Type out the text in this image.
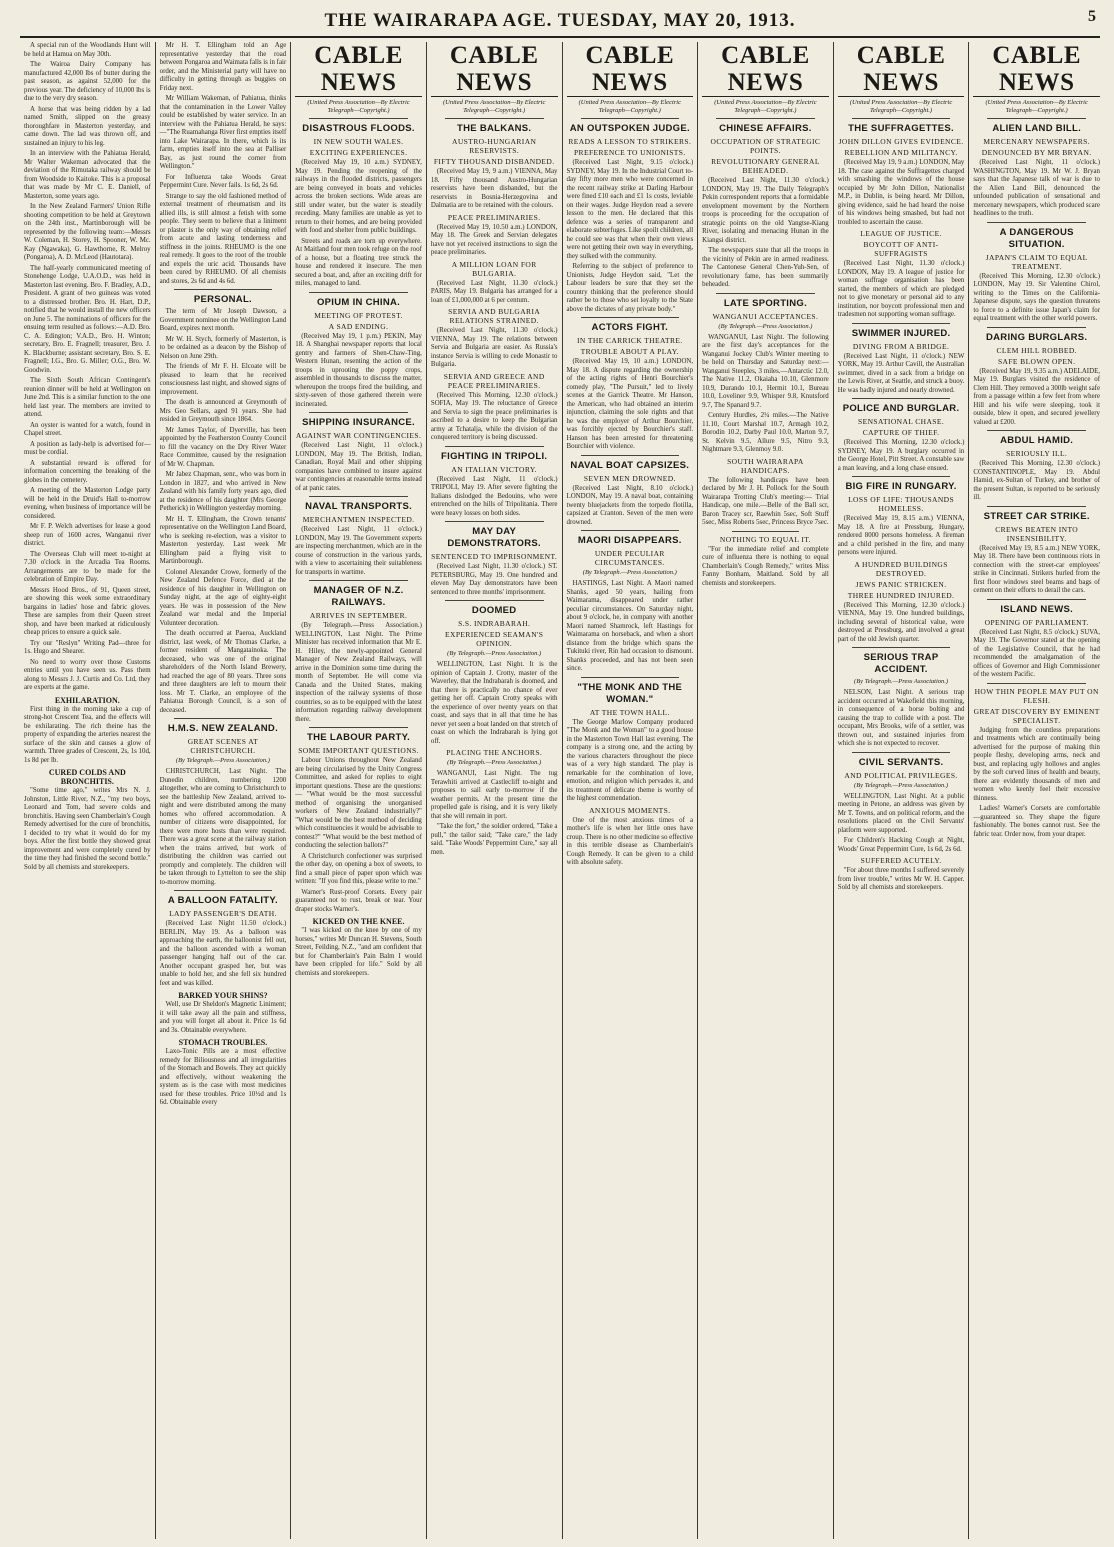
THE WAIRARAPA AGE. TUESDAY, MAY 20, 1913.	5

A special run of the Woodlands Hunt will be held at Hamua on May 30th.

The Wairoa Dairy Company has manufactured 42,000 lbs of butter during the past season, as against 52,000 for the previous year. The deficiency of 10,000 lbs is due to the very dry season.

A horse that was being ridden by a lad named Smith, slipped on the greasy thoroughfare in Masterton yesterday, and came down. The lad was thrown off, and sustained an injury to his leg.

In an interview with the Pahiatua Herald, Mr Walter Wakeman advocated that the deviation of the Rimutaka railway should be from Woodside to Kaitoke. This is a proposal that was made by Mr C. E. Daniell, of Masterton, some years ago.

In the New Zealand Farmers' Union Rifle shooting competition to be held at Greytown on the 24th inst., Martinborough will be represented by the following team:—Messrs W. Coleman, H. Storey, H. Spooner, W. Mc. Kay (Ngawaka), G. Hawthorne, R. Melroy (Pongaroa), A. D. McLeod (Hautotara).

The half-yearly communicated meeting of Stonehenge Lodge, U.A.O.D., was held in Masterton last evening. Bro. F. Bradley, A.D., President. A grant of two guineas was voted to a distressed brother. Bro. H. Hart, D.P., notified that he would install the new officers on June 5. The nominations of officers for the ensuing term resulted as follows:—A.D. Bro. C. A. Edington; V.A.D., Bro. H. Winton; secretary, Bro. E. Fragnell; treasurer, Bro. J. K. Blackburne; assistant secretary, Bro. S. E. Fragnell; I.G., Bro. G. Miller; O.G., Bro. W. Goodwin.

The Sixth South African Contingent's reunion dinner will be held at Wellington on June 2nd. This is a similar function to the one held last year. The members are invited to attend.

An oyster is wanted for a watch, found in Chapel street.

A position as lady-help is advertised for—must be cordial.

A substantial reward is offered for information concerning the breaking of the globes in the cemetery.

A meeting of the Masterton Lodge party will be held in the Druid's Hall to-morrow evening, when business of importance will be considered.

Mr F. P. Welch advertises for lease a good sheep run of 1600 acres, Wanganui river district.

The Overseas Club will meet to-night at 7.30 o'clock in the Arcadia Tea Rooms. Arrangements are to be made for the celebration of Empire Day.

Messrs Hood Bros., of 91, Queen street, are showing this week some extraordinary bargains in ladies' hose and fabric gloves. These are samples from their Queen street shop, and have been marked at ridiculously cheap prices to ensure a quick sale.

Try our "Reslyn" Writing Pad—three for 1s. Hugo and Shearer.

No need to worry over those Customs entries until you have seen us. Pass them along to Messrs J. J. Curtis and Co. Ltd, they are experts at the game.

EXHILARATION.

First thing in the morning take a cup of strong-hot Crescent Tea, and the effects will be exhilarating. The rich theine has the property of expanding the arteries nearest the surface of the skin and causes a glow of warmth. Three grades of Crescent, 2s, 1s 10d, 1s 8d per lb.

CURED COLDS AND BRONCHITIS.

"Some time ago," writes Mrs N. J. Johnston, Little River, N.Z., "my two boys, Leonard and Tom, had severe colds and bronchitis. Having seen Chamberlain's Cough Remedy advertised for the cure of bronchitis, I decided to try what it would do for my boys. After the first bottle they showed great improvement and were completely cured by the time they had finished the second bottle." Sold by all chemists and storekeepers.

Mr H. T. Ellingham told an Age representative yesterday that the road between Pongaroa and Waimata falls is in fair order, and the Ministerial party will have no difficulty in getting through as buggies on Friday next.

Mr William Wakeman, of Pahiatua, thinks that the contamination in the Lower Valley could be established by water service. In an interview with the Pahiatua Herald, he says:—"The Ruamahanga River first empties itself into Lake Wairarapa. In there, which is its farm, empties itself into the sea at Palliser Bay, as just round the corner from Wellington."

For Influenza take Woods Great Peppermint Cure. Never fails. 1s 6d, 2s 6d.

Strange to say the old fashioned method of external treatment of rheumatism and its allied ills, is still almost a fetish with some people. They seem to believe that a liniment or plaster is the only way of obtaining relief from acute and lasting tenderness and stiffness in the joints. RHEUMO is the one real remedy. It goes to the root of the trouble and expels the uric acid. Thousands have been cured by RHEUMO. Of all chemists and stores, 2s 6d and 4s 6d.

PERSONAL.

The term of Mr Joseph Dawson, a Government nominee on the Wellington Land Board, expires next month.

Mr W. H. Stych, formerly of Masterton, is to be ordained as a deacon by the Bishop of Nelson on June 29th.

The friends of Mr F. H. Elcoate will be pleased to learn that he received consciousness last night, and showed signs of improvement.

The death is announced at Greymouth of Mrs Geo Sellars, aged 91 years. She had resided in Greymouth since 1864.

Mr James Taylor, of Dyerville, has been appointed by the Featherston County Council to fill the vacancy on the Dry River Water Race Committee, caused by the resignation of Mr W. Chapman.

Mr Jabez Chapman, senr., who was born in London in 1827, and who arrived in New Zealand with his family forty years ago, died at the residence of his daughter (Mrs George Petherick) in Wellington yesterday morning.

Mr H. T. Ellingham, the Crown tenants' representative on the Wellington Land Board, who is seeking re-election, was a visitor to Masterton yesterday. Last week Mr Ellingham paid a flying visit to Martinborough.

Colonel Alexander Crowe, formerly of the New Zealand Defence Force, died at the residence of his daughter in Wellington on Sunday night, at the age of eighty-eight years. He was in possession of the New Zealand war medal and the Imperial Volunteer decoration.

The death occurred at Paeroa, Auckland district, last week, of Mr Thomas Clarke, a former resident of Mangatainoka. The deceased, who was one of the original shareholders of the North Island Brewery, had reached the age of 80 years. Three sons and three daughters are left to mourn their loss. Mr T. Clarke, an employee of the Pahiatua Borough Council, is a son of deceased.

H.M.S. NEW ZEALAND.
GREAT SCENES AT CHRISTCHURCH.
(By Telegraph.—Press Association.)

CHRISTCHURCH, Last Night. The Dunedin children, numbering 1200 altogether, who are coming to Christchurch to see the battleship New Zealand, arrived to-night and were distributed among the many homes who offered accommodation. A number of citizens were disappointed, for there were more hosts than were required. There was a great scene at the railway station when the trains arrived, but work of distributing the children was carried out promptly and completely. The children will be taken through to Lyttelton to see the ship to-morrow morning.

A BALLOON FATALITY.
LADY PASSENGER'S DEATH.

(Received Last Night 11.50 o'clock.) BERLIN, May 19. As a balloon was approaching the earth, the balloonist fell out, and the balloon ascended with a woman passenger hanging half out of the car. Another occupant grasped her, but was unable to hold her, and she fell six hundred feet and was killed.

BARKED YOUR SHINS?

Well, use Dr Sheldon's Magnetic Liniment; it will take away all the pain and stiffness, and you will forget all about it. Price 1s 6d and 3s. Obtainable everywhere.

STOMACH TROUBLES.

Laxo-Tonic Pills are a most effective remedy for Biliousness and all irregularities of the Stomach and Bowels. They act quickly and effectively, without weakening the system as is the case with most medicines used for these troubles. Price 10½d and 1s 6d. Obtainable every

CABLE NEWS
(United Press Association—By Electric Telegraph—Copyright.)
DISASTROUS FLOODS.
IN NEW SOUTH WALES.
EXCITING EXPERIENCES.

(Received May 19, 10 a.m.) SYDNEY, May 19. Pending the reopening of the railways in the flooded districts, passengers are being conveyed in boats and vehicles across the broken sections. Wide areas are still under water, but the water is steadily receding. Many families are unable as yet to return to their homes, and are being provided with food and shelter from public buildings.

Streets and roads are torn up everywhere. At Maitland four men took refuge on the roof of a house, but a floating tree struck the house and rendered it insecure. The men secured a boat, and, after an exciting drift for miles, managed to land.

OPIUM IN CHINA.
MEETING OF PROTEST.
A SAD ENDING.

(Received May 19, 1 p.m.) PEKIN, May 18. A Shanghai newspaper reports that local gentry and farmers of Shen-Chaw-Ting, Western Hunan, resenting the action of the troops in uprooting the poppy crops, assembled in thousands to discuss the matter, whereupon the troops fired the building, and sixty-seven of those gathered therein were incinerated.

SHIPPING INSURANCE.
AGAINST WAR CONTINGENCIES.

(Received Last Night, 11 o'clock.) LONDON, May 19. The British, Indian, Canadian, Royal Mail and other shipping companies have combined to insure against war contingencies at reasonable terms instead of at panic rates.

NAVAL TRANSPORTS.
MERCHANTMEN INSPECTED.

(Received Last Night, 11 o'clock.) LONDON, May 19. The Government experts are inspecting merchantmen, which are in the course of construction in the various yards, with a view to ascertaining their suitableness for transports in wartime.

MANAGER OF N.Z. RAILWAYS.
ARRIVES IN SEPTEMBER.

(By Telegraph.—Press Association.) WELLINGTON, Last Night. The Prime Minister has received information that Mr E. H. Hiley, the newly-appointed General Manager of New Zealand Railways, will arrive in the Dominion some time during the month of September. He will come via Canada and the United States, making inspection of the railway systems of those countries, so as to be equipped with the latest information regarding railway development there.

THE LABOUR PARTY.
SOME IMPORTANT QUESTIONS.

Labour Unions throughout New Zealand are being circularised by the Unity Congress Committee, and asked for replies to eight important questions. These are the questions:— "What would be the most successful method of organising the unorganised workers of New Zealand industrially?" "What would be the best method of deciding which constituencies it would be advisable to contest?" "What would be the best method of conducting the selection ballots?"

A Christchurch confectioner was surprised the other day, on opening a box of sweets, to find a small piece of paper upon which was written: "If you find this, please write to me."

Warner's Rust-proof Corsets. Every pair guaranteed not to rust, break or tear. Your draper stocks Warner's.

KICKED ON THE KNEE.

"I was kicked on the knee by one of my horses," writes Mr Duncan H. Stevens, South Street, Feilding, N.Z., "and am confident that but for Chamberlain's Pain Balm I would have been crippled for life." Sold by all chemists and storekeepers.

CABLE NEWS
(United Press Association—By Electric Telegraph—Copyright.)
THE BALKANS.
AUSTRO-HUNGARIAN RESERVISTS.
FIFTY THOUSAND DISBANDED.

(Received May 19, 9 a.m.) VIENNA, May 18. Fifty thousand Austro-Hungarian reservists have been disbanded, but the reservists in Bosnia-Herzegovina and Dalmatia are to be retained with the colours.

PEACE PRELIMINARIES.

(Received May 19, 10.50 a.m.) LONDON, May 18. The Greek and Servian delegates have not yet received instructions to sign the peace preliminaries.

A MILLION LOAN FOR BULGARIA.

(Received Last Night, 11.30 o'clock.) PARIS, May 19. Bulgaria has arranged for a loan of £1,000,000 at 6 per centum.

SERVIA AND BULGARIA RELATIONS STRAINED.

(Received Last Night, 11.30 o'clock.) VIENNA, May 19. The relations between Servia and Bulgaria are easier. As Russia's instance Servia is willing to cede Monastir to Bulgaria.

SERVIA AND GREECE AND PEACE PRELIMINARIES.

(Received This Morning, 12.30 o'clock.) SOFIA, May 19. The reluctance of Greece and Servia to sign the peace preliminaries is ascribed to a desire to keep the Bulgarian army at Tchatalja, while the division of the conquered territory is being discussed.

FIGHTING IN TRIPOLI.
AN ITALIAN VICTORY.

(Received Last Night, 11 o'clock.) TRIPOLI, May 19. After severe fighting the Italians dislodged the Bedouins, who were entrenched on the hills of Tripolitania. There were heavy losses on both sides.

MAY DAY DEMONSTRATORS.
SENTENCED TO IMPRISONMENT.

(Received Last Night, 11.30 o'clock.) ST. PETERSBURG, May 19. One hundred and eleven May Day demonstrators have been sentenced to three months' imprisonment.

DOOMED
S.S. INDRABARAH.
EXPERIENCED SEAMAN'S OPINION.
(By Telegraph.—Press Association.)

WELLINGTON, Last Night. It is the opinion of Captain J. Crotty, master of the Waverley, that the Indrabarah is doomed, and that there is practically no chance of ever getting her off. Captain Crotty speaks with the experience of over twenty years on that coast, and says that in all that time he has never yet seen a boat landed on that stretch of coast on which the Indrabarah is lying got off.

PLACING THE ANCHORS.
(By Telegraph.—Press Association.)

WANGANUI, Last Night. The tug Terawhiti arrived at Castlecliff to-night and proposes to sail early to-morrow if the weather permits. At the present time the propelled gale is rising, and it is very likely that she will remain in port.

"Take the fort," the soldier ordered, "Take a pull," the tailor said; "Take care," the lady said. "Take Woods' Peppermint Cure," say all men.

CABLE NEWS
(United Press Association—By Electric Telegraph—Copyright.)
AN OUTSPOKEN JUDGE.
READS A LESSON TO STRIKERS.
PREFERENCE TO UNIONISTS.

(Received Last Night, 9.15 o'clock.) SYDNEY, May 19. In the Industrial Court to-day fifty more men who were concerned in the recent railway strike at Darling Harbour were fined £10 each and £1 1s costs, leviable on their wages. Judge Heydon read a severe lesson to the men. He declared that this defence was a series of transparent and elaborate subterfuges. Like spoilt children, all he could see was that when their own views were not getting their own way in everything, they sulked with the community.

Referring to the subject of preference to Unionists, Judge Heydon said, "Let the Labour leaders be sure that they set the country thinking that the preference should rather be to those who set loyalty to the State above the dictates of any private body."

ACTORS FIGHT.
IN THE CARRICK THEATRE.
TROUBLE ABOUT A PLAY.

(Received May 19, 10 a.m.) LONDON, May 18. A dispute regarding the ownership of the acting rights of Henri Bourchier's comedy play, "The Pursuit," led to lively scenes at the Garrick Theatre. Mr Hanson, the American, who had obtained an interim injunction, claiming the sole rights and that he was the employer of Arthur Bourchier, was forcibly ejected by Bourchier's staff. Hanson has been arrested for threatening Bourchier with violence.

NAVAL BOAT CAPSIZES.
SEVEN MEN DROWNED.

(Received Last Night, 8.10 o'clock.) LONDON, May 19. A naval boat, containing twenty bluejackets from the torpedo flotilla, capsized at Cranton. Seven of the men were drowned.

MAORI DISAPPEARS.
UNDER PECULIAR CIRCUMSTANCES.
(By Telegraph.—Press Association.)

HASTINGS, Last Night. A Maori named Shanks, aged 50 years, hailing from Waimarama, disappeared under rather peculiar circumstances. On Saturday night, about 9 o'clock, he, in company with another Maori named Shamrock, left Hastings for Waimarama on horseback, and when a short distance from the bridge which spans the Tukituki river, Rin had occasion to dismount. Shanks proceeded, and has not been seen since.

"THE MONK AND THE WOMAN."
AT THE TOWN HALL.

The George Marlow Company produced "The Monk and the Woman" to a good house in the Masterton Town Hall last evening. The company is a strong one, and the acting by the various characters throughout the piece was of a very high standard. The play is remarkable for the combination of love, emotion, and religion which pervades it, and its treatment of delicate theme is worthy of the highest commendation.

ANXIOUS MOMENTS.

One of the most anxious times of a mother's life is when her little ones have croup. There is no other medicine so effective in this terrible disease as Chamberlain's Cough Remedy. It can be given to a child with absolute safety.

CABLE NEWS
(United Press Association—By Electric Telegraph—Copyright.)
CHINESE AFFAIRS.
OCCUPATION OF STRATEGIC POINTS.
REVOLUTIONARY GENERAL BEHEADED.

(Received Last Night, 11.30 o'clock.) LONDON, May 19. The Daily Telegraph's Pekin correspondent reports that a formidable envelopment movement by the Northern troops is proceeding for the occupation of strategic points on the old Yangtse-Kiang River, isolating and menacing Hunan in the Kiangsi district.

The newspapers state that all the troops in the vicinity of Pekin are in armed readiness. The Cantonese General Chen-Yuh-Sen, of revolutionary fame, has been summarily beheaded.

LATE SPORTING.
WANGANUI ACCEPTANCES.
(By Telegraph.—Press Association.)

WANGANUI, Last Night. The following are the first day's acceptances for the Wanganui Jockey Club's Winter meeting to be held on Thursday and Saturday next:— Wanganui Steeples, 3 miles.—Antarctic 12.0, The Native 11.2, Okaiaha 10.10, Glenmore 10.9, Durando 10.1, Hermit 10.1, Bureau 10.0, Loveliner 9.9, Whisper 9.8, Knutsford 9.7, The Spanard 9.7.

Century Hurdles, 2¼ miles.—The Native 11.10, Court Marshal 10.7, Armagh 10.2, Borodin 10.2, Darby Paul 10.0, Marton 9.7, St. Kelvin 9.5, Allure 9.5, Nitro 9.3, Nightmare 9.3, Glenmoy 9.0.

SOUTH WAIRARAPA HANDICAPS.

The following handicaps have been declared by Mr J. H. Pollock for the South Wairarapa Trotting Club's meeting:— Trial Handicap, one mile.—Belle of the Ball scr, Baron Tracey scr, Raewhin 5sec, Soft Stuff 5sec, Miss Roberts 5sec, Princess Bryce 7sec.

NOTHING TO EQUAL IT.

"For the immediate relief and complete cure of influenza there is nothing to equal Chamberlain's Cough Remedy," writes Miss Fanny Bonham, Maitland. Sold by all chemists and storekeepers.

CABLE NEWS
(United Press Association—By Electric Telegraph—Copyright.)
THE SUFFRAGETTES.
JOHN DILLON GIVES EVIDENCE.
REBELLION AND MILITANCY.

(Received May 19, 9 a.m.) LONDON, May 18. The case against the Suffragettes charged with smashing the windows of the house occupied by Mr John Dillon, Nationalist M.P., in Dublin, is being heard. Mr Dillon, giving evidence, said he had heard the noise of his windows being smashed, but had not troubled to ascertain the cause.

LEAGUE OF JUSTICE.
BOYCOTT OF ANTI-SUFFRAGISTS

(Received Last Night, 11.30 o'clock.) LONDON, May 19. A league of justice for woman suffrage organisation has been started, the members of which are pledged not to give monetary or personal aid to any institution, nor boycott professional men and tradesmen not supporting woman suffrage.

SWIMMER INJURED.
DIVING FROM A BRIDGE.

(Received Last Night, 11 o'clock.) NEW YORK, May 19. Arthur Cavill, the Australian swimmer, dived in a sack from a bridge on the Lewis River, at Seattle, and struck a buoy. He was badly injured and nearly drowned.

POLICE AND BURGLAR.
SENSATIONAL CHASE.
CAPTURE OF THIEF.

(Received This Morning, 12.30 o'clock.) SYDNEY, May 19. A burglary occurred in the George Hotel, Pitt Street. A constable saw a man leaving, and a long chase ensued.

BIG FIRE IN RUNGARY.
LOSS OF LIFE: THOUSANDS HOMELESS.

(Received May 19, 8.15 a.m.) VIENNA, May 18. A fire at Pressburg, Hungary, rendered 8000 persons homeless. A fireman and a child perished in the fire, and many persons were injured.

A HUNDRED BUILDINGS DESTROYED.
JEWS PANIC STRICKEN.
THREE HUNDRED INJURED.

(Received This Morning, 12.30 o'clock.) VIENNA, May 19. One hundred buildings, including several of historical value, were destroyed at Pressburg, and involved a great part of the old Jewish quarter.

SERIOUS TRAP ACCIDENT.
(By Telegraph.—Press Association.)

NELSON, Last Night. A serious trap accident occurred at Wakefield this morning, in consequence of a horse bolting and causing the trap to collide with a post. The occupant, Mrs Brooks, wife of a settler, was thrown out, and sustained injuries from which she is not expected to recover.

CIVIL SERVANTS.
AND POLITICAL PRIVILEGES.
(By Telegraph.—Press Association.)

WELLINGTON, Last Night. At a public meeting in Petone, an address was given by Mr T. Towns, and on political reform, and the resolutions placed on the Civil Servants' platform were supported.

For Children's Hacking Cough at Night, Woods' Great Peppermint Cure, 1s 6d, 2s 6d.

SUFFERED ACUTELY.

"For about three months I suffered severely from liver trouble," writes Mr W. H. Capper. Sold by all chemists and storekeepers.

CABLE NEWS
(United Press Association—By Electric Telegraph—Copyright.)
ALIEN LAND BILL.
MERCENARY NEWSPAPERS.
DENOUNCED BY MR BRYAN.

(Received Last Night, 11 o'clock.) WASHINGTON, May 19. Mr W. J. Bryan says that the Japanese talk of war is due to the Alien Land Bill, denounced the unfounded publication of sensational and mercenary newspapers, which produced scare headlines to the truth.

A DANGEROUS SITUATION.
JAPAN'S CLAIM TO EQUAL TREATMENT.

(Received This Morning, 12.30 o'clock.) LONDON, May 19. Sir Valentine Chirol, writing to the Times on the California-Japanese dispute, says the question threatens to force to a definite issue Japan's claim for equal treatment with the other world powers.

DARING BURGLARS.
CLEM HILL ROBBED.
SAFE BLOWN OPEN.

(Received May 19, 9.35 a.m.) ADELAIDE, May 19. Burglars visited the residence of Clem Hill. They removed a 300lb weight safe from a passage within a few feet from where Hill and his wife were sleeping, took it outside, blew it open, and secured jewellery valued at £200.

ABDUL HAMID.
SERIOUSLY ILL.

(Received This Morning, 12.30 o'clock.) CONSTANTINOPLE, May 19. Abdul Hamid, ex-Sultan of Turkey, and brother of the present Sultan, is reported to be seriously ill.

STREET CAR STRIKE.
CREWS BEATEN INTO INSENSIBILITY.

(Received May 19, 8.5 a.m.) NEW YORK, May 18. There have been continuous riots in connection with the street-car employees' strike in Cincinnati. Strikers hurled from the first floor windows steel beams and bags of cement on their efforts to derail the cars.

ISLAND NEWS.
OPENING OF PARLIAMENT.

(Received Last Night, 8.5 o'clock.) SUVA, May 19. The Governor stated at the opening of the Legislative Council, that he had recommended the amalgamation of the offices of Governor and High Commissioner of the western Pacific.

HOW THIN PEOPLE MAY PUT ON FLESH.
GREAT DISCOVERY BY EMINENT SPECIALIST.

Judging from the countless preparations and treatments which are continually being advertised for the purpose of making thin people fleshy, developing arms, neck and bust, and replacing ugly hollows and angles by the soft curved lines of health and beauty, there are evidently thousands of men and women who keenly feel their excessive thinness.

Ladies! Warner's Corsets are comfortable—guaranteed so. They shape the figure fashionably. The bones cannot rust. See the fabric tear. Order now, from your draper.
